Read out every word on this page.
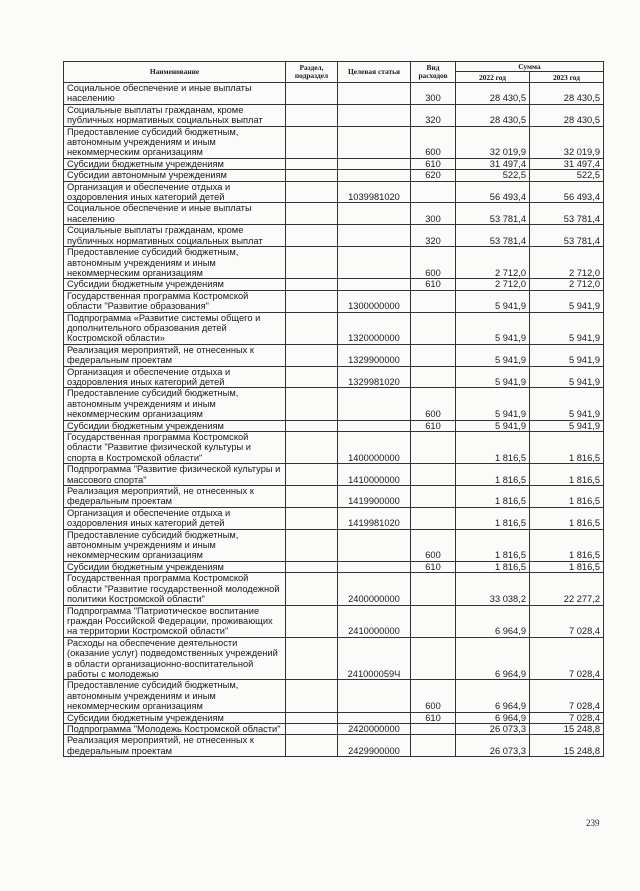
Наименование	Раздел, подраздел	Целевая статья	Вид расходов	Сумма	
				2022 год	2023 год
Социальное обеспечение и иные выплаты населению			300	28 430,5	28 430,5
Социальные выплаты гражданам, кроме публичных нормативных социальных выплат			320	28 430,5	28 430,5
Предоставление субсидий бюджетным, автономным учреждениям и иным некоммерческим организациям			600	32 019,9	32 019,9
Субсидии бюджетным учреждениям			610	31 497,4	31 497,4
Субсидии автономным учреждениям			620	522,5	522,5
Организация и обеспечение отдыха и оздоровления иных категорий детей		1039981020		56 493,4	56 493,4
Социальное обеспечение и иные выплаты населению			300	53 781,4	53 781,4
Социальные выплаты гражданам, кроме публичных нормативных социальных выплат			320	53 781,4	53 781,4
Предоставление субсидий бюджетным, автономным учреждениям и иным некоммерческим организациям			600	2 712,0	2 712,0
Субсидии бюджетным учреждениям			610	2 712,0	2 712,0
Государственная программа Костромской области "Развитие образования"		1300000000		5 941,9	5 941,9
Подпрограмма «Развитие системы общего и дополнительного образования детей Костромской области»		1320000000		5 941,9	5 941,9
Реализация мероприятий, не отнесенных к федеральным проектам		1329900000		5 941,9	5 941,9
Организация и обеспечение отдыха и оздоровления иных категорий детей		1329981020		5 941,9	5 941,9
Предоставление субсидий бюджетным, автономным учреждениям и иным некоммерческим организациям			600	5 941,9	5 941,9
Субсидии бюджетным учреждениям			610	5 941,9	5 941,9
Государственная программа Костромской области "Развитие физической культуры и спорта в Костромской области"		1400000000		1 816,5	1 816,5
Подпрограмма "Развитие физической культуры и массового спорта"		1410000000		1 816,5	1 816,5
Реализация мероприятий, не отнесенных к федеральным проектам		1419900000		1 816,5	1 816,5
Организация и обеспечение отдыха и оздоровления иных категорий детей		1419981020		1 816,5	1 816,5
Предоставление субсидий бюджетным, автономным учреждениям и иным некоммерческим организациям			600	1 816,5	1 816,5
Субсидии бюджетным учреждениям			610	1 816,5	1 816,5
Государственная программа Костромской области "Развитие государственной молодежной политики Костромской области"		2400000000		33 038,2	22 277,2
Подпрограмма "Патриотическое воспитание граждан Российской Федерации, проживающих на территории Костромской области"		2410000000		6 964,9	7 028,4
Расходы на обеспечение деятельности (оказание услуг) подведомственных учреждений в области организационно-воспитательной работы с молодежью		241000059Ч		6 964,9	7 028,4
Предоставление субсидий бюджетным, автономным учреждениям и иным некоммерческим организациям			600	6 964,9	7 028,4
Субсидии бюджетным учреждениям			610	6 964,9	7 028,4
Подпрограмма "Молодежь Костромской области"		2420000000		26 073,3	15 248,8
Реализация мероприятий, не отнесенных к федеральным проектам		2429900000		26 073,3	15 248,8
239
